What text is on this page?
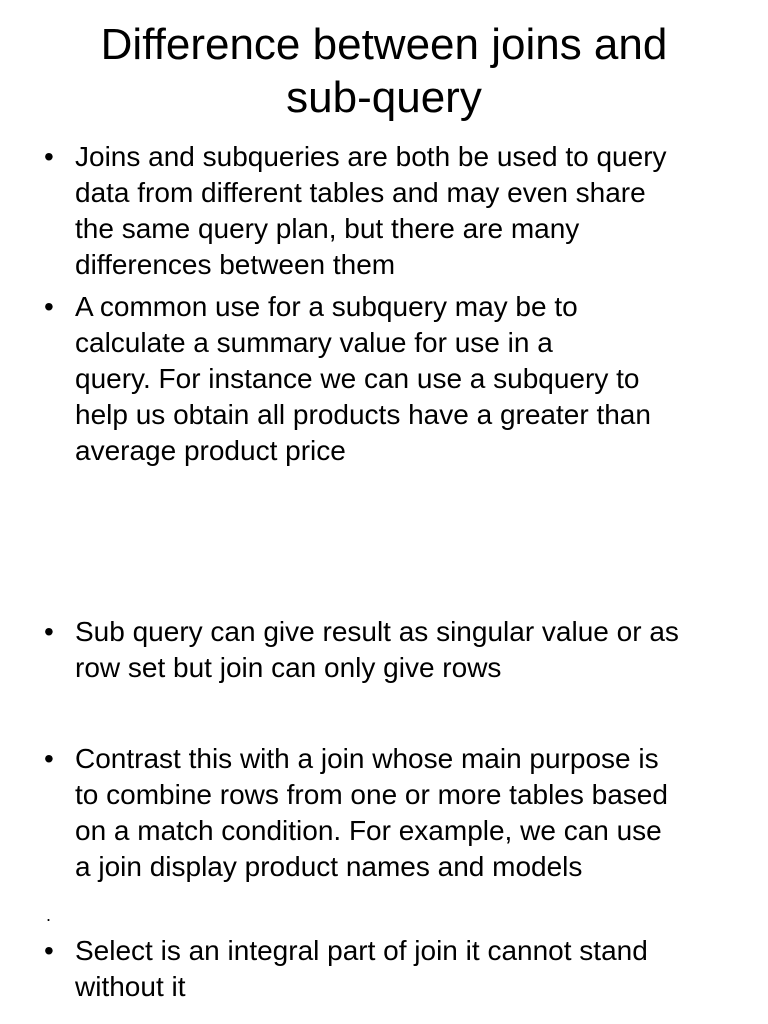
Difference between joins and
sub-query
• Joins and subqueries are both be used to query
data from different tables and may even share
the same query plan, but there are many
differences between them
• A common use for a subquery may be to
calculate a summary value for use in a
query. For instance we can use a subquery to
help us obtain all products have a greater than
average product price
• Sub query can give result as singular value or as
row set but join can only give rows
• Contrast this with a join whose main purpose is
to combine rows from one or more tables based
on a match condition. For example, we can use
a join display product names and models
.
• Select is an integral part of join it cannot stand
without it
